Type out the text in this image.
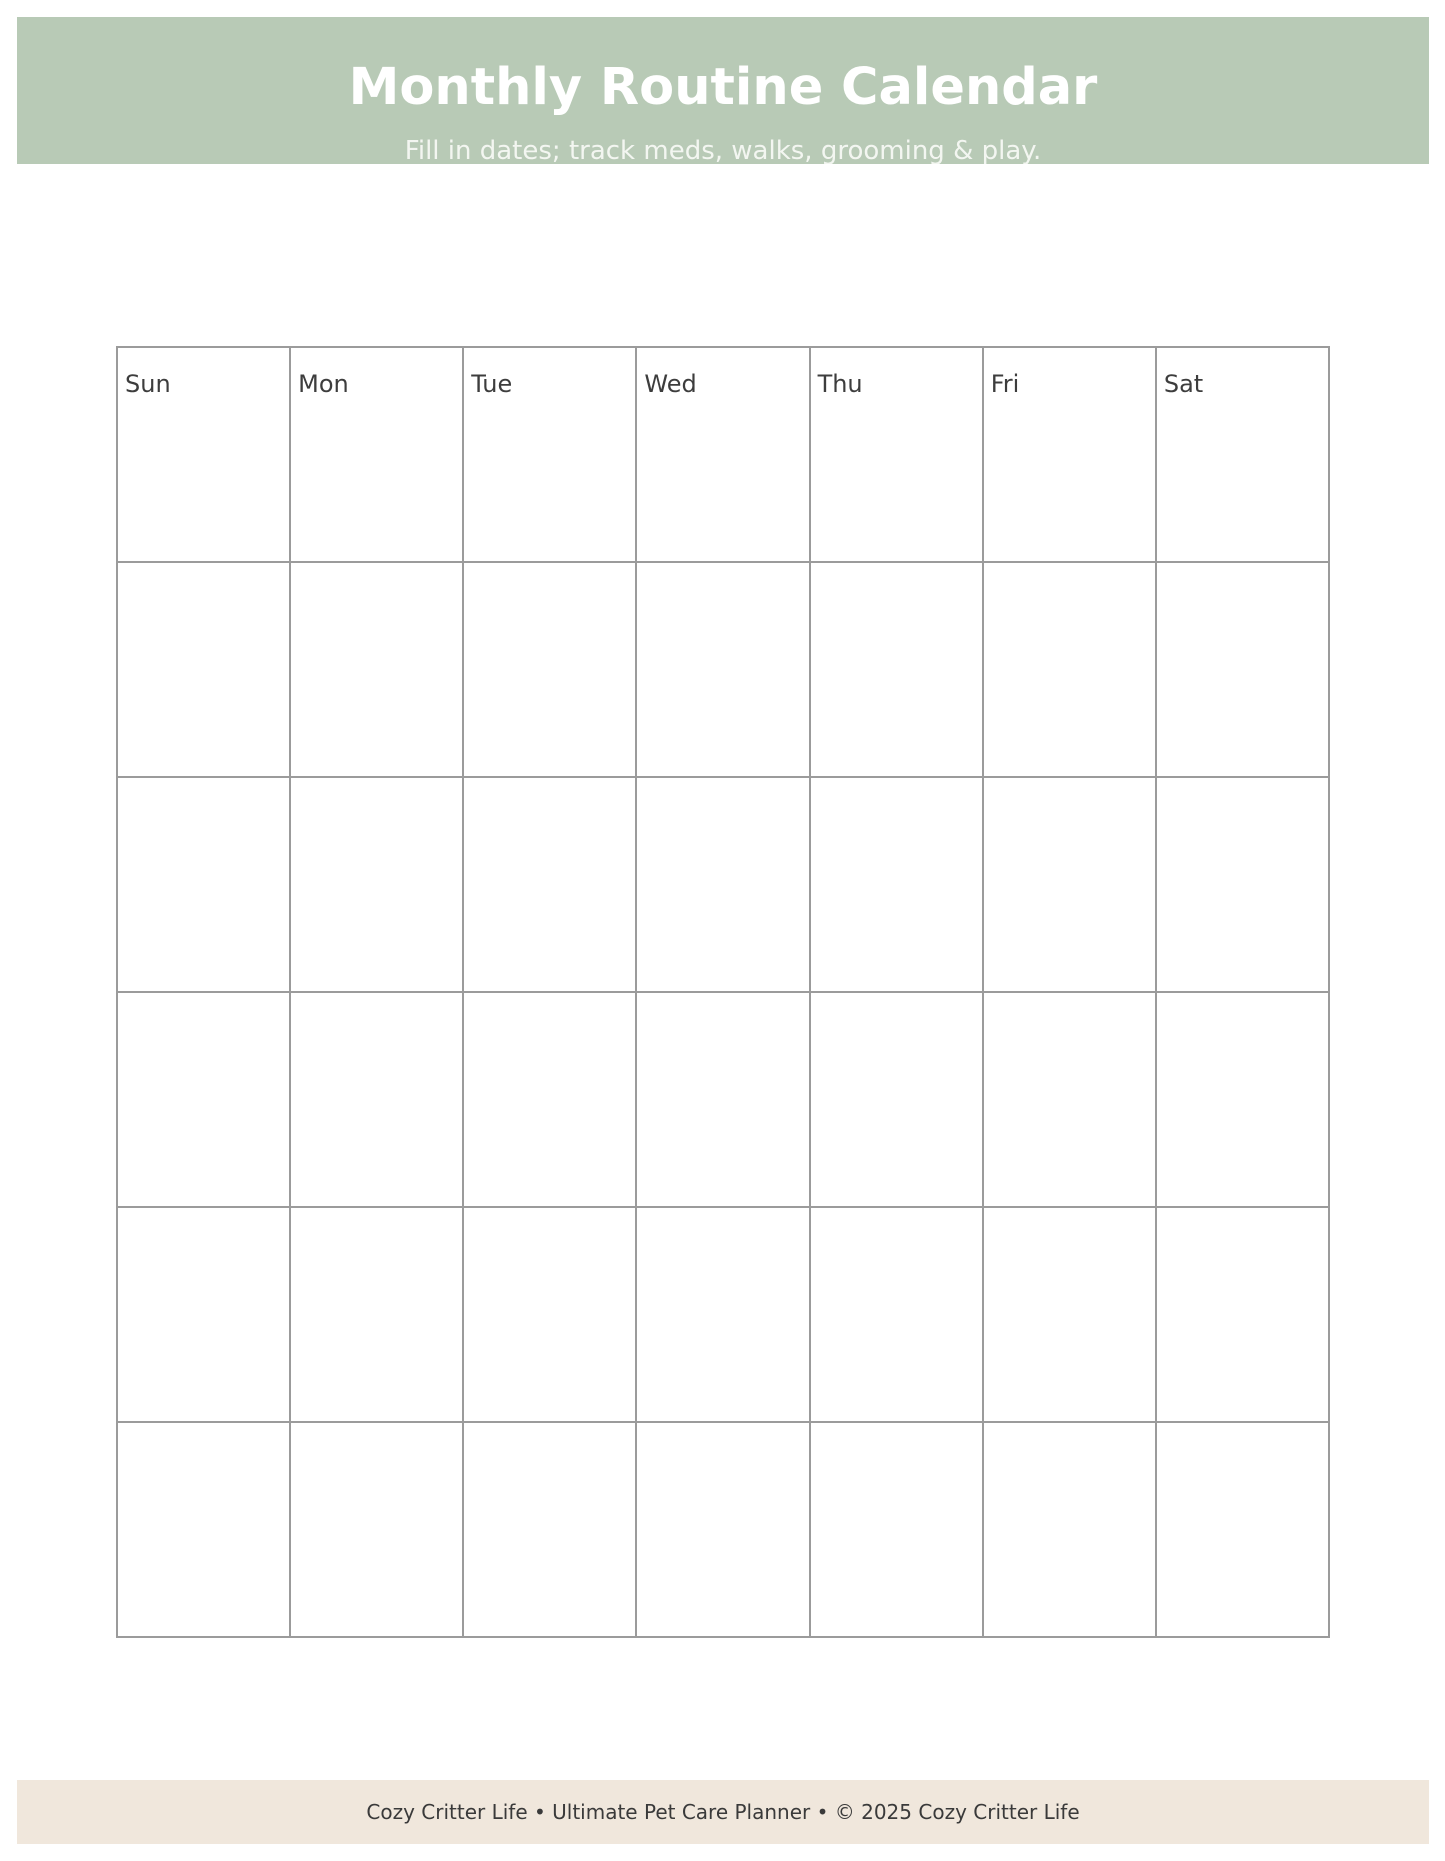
Monthly Routine Calendar
Fill in dates; track meds, walks, grooming & play.
Sun	Mon	Tue	Wed	Thu	Fri	Sat

Cozy Critter Life • Ultimate Pet Care Planner • © 2025 Cozy Critter Life
